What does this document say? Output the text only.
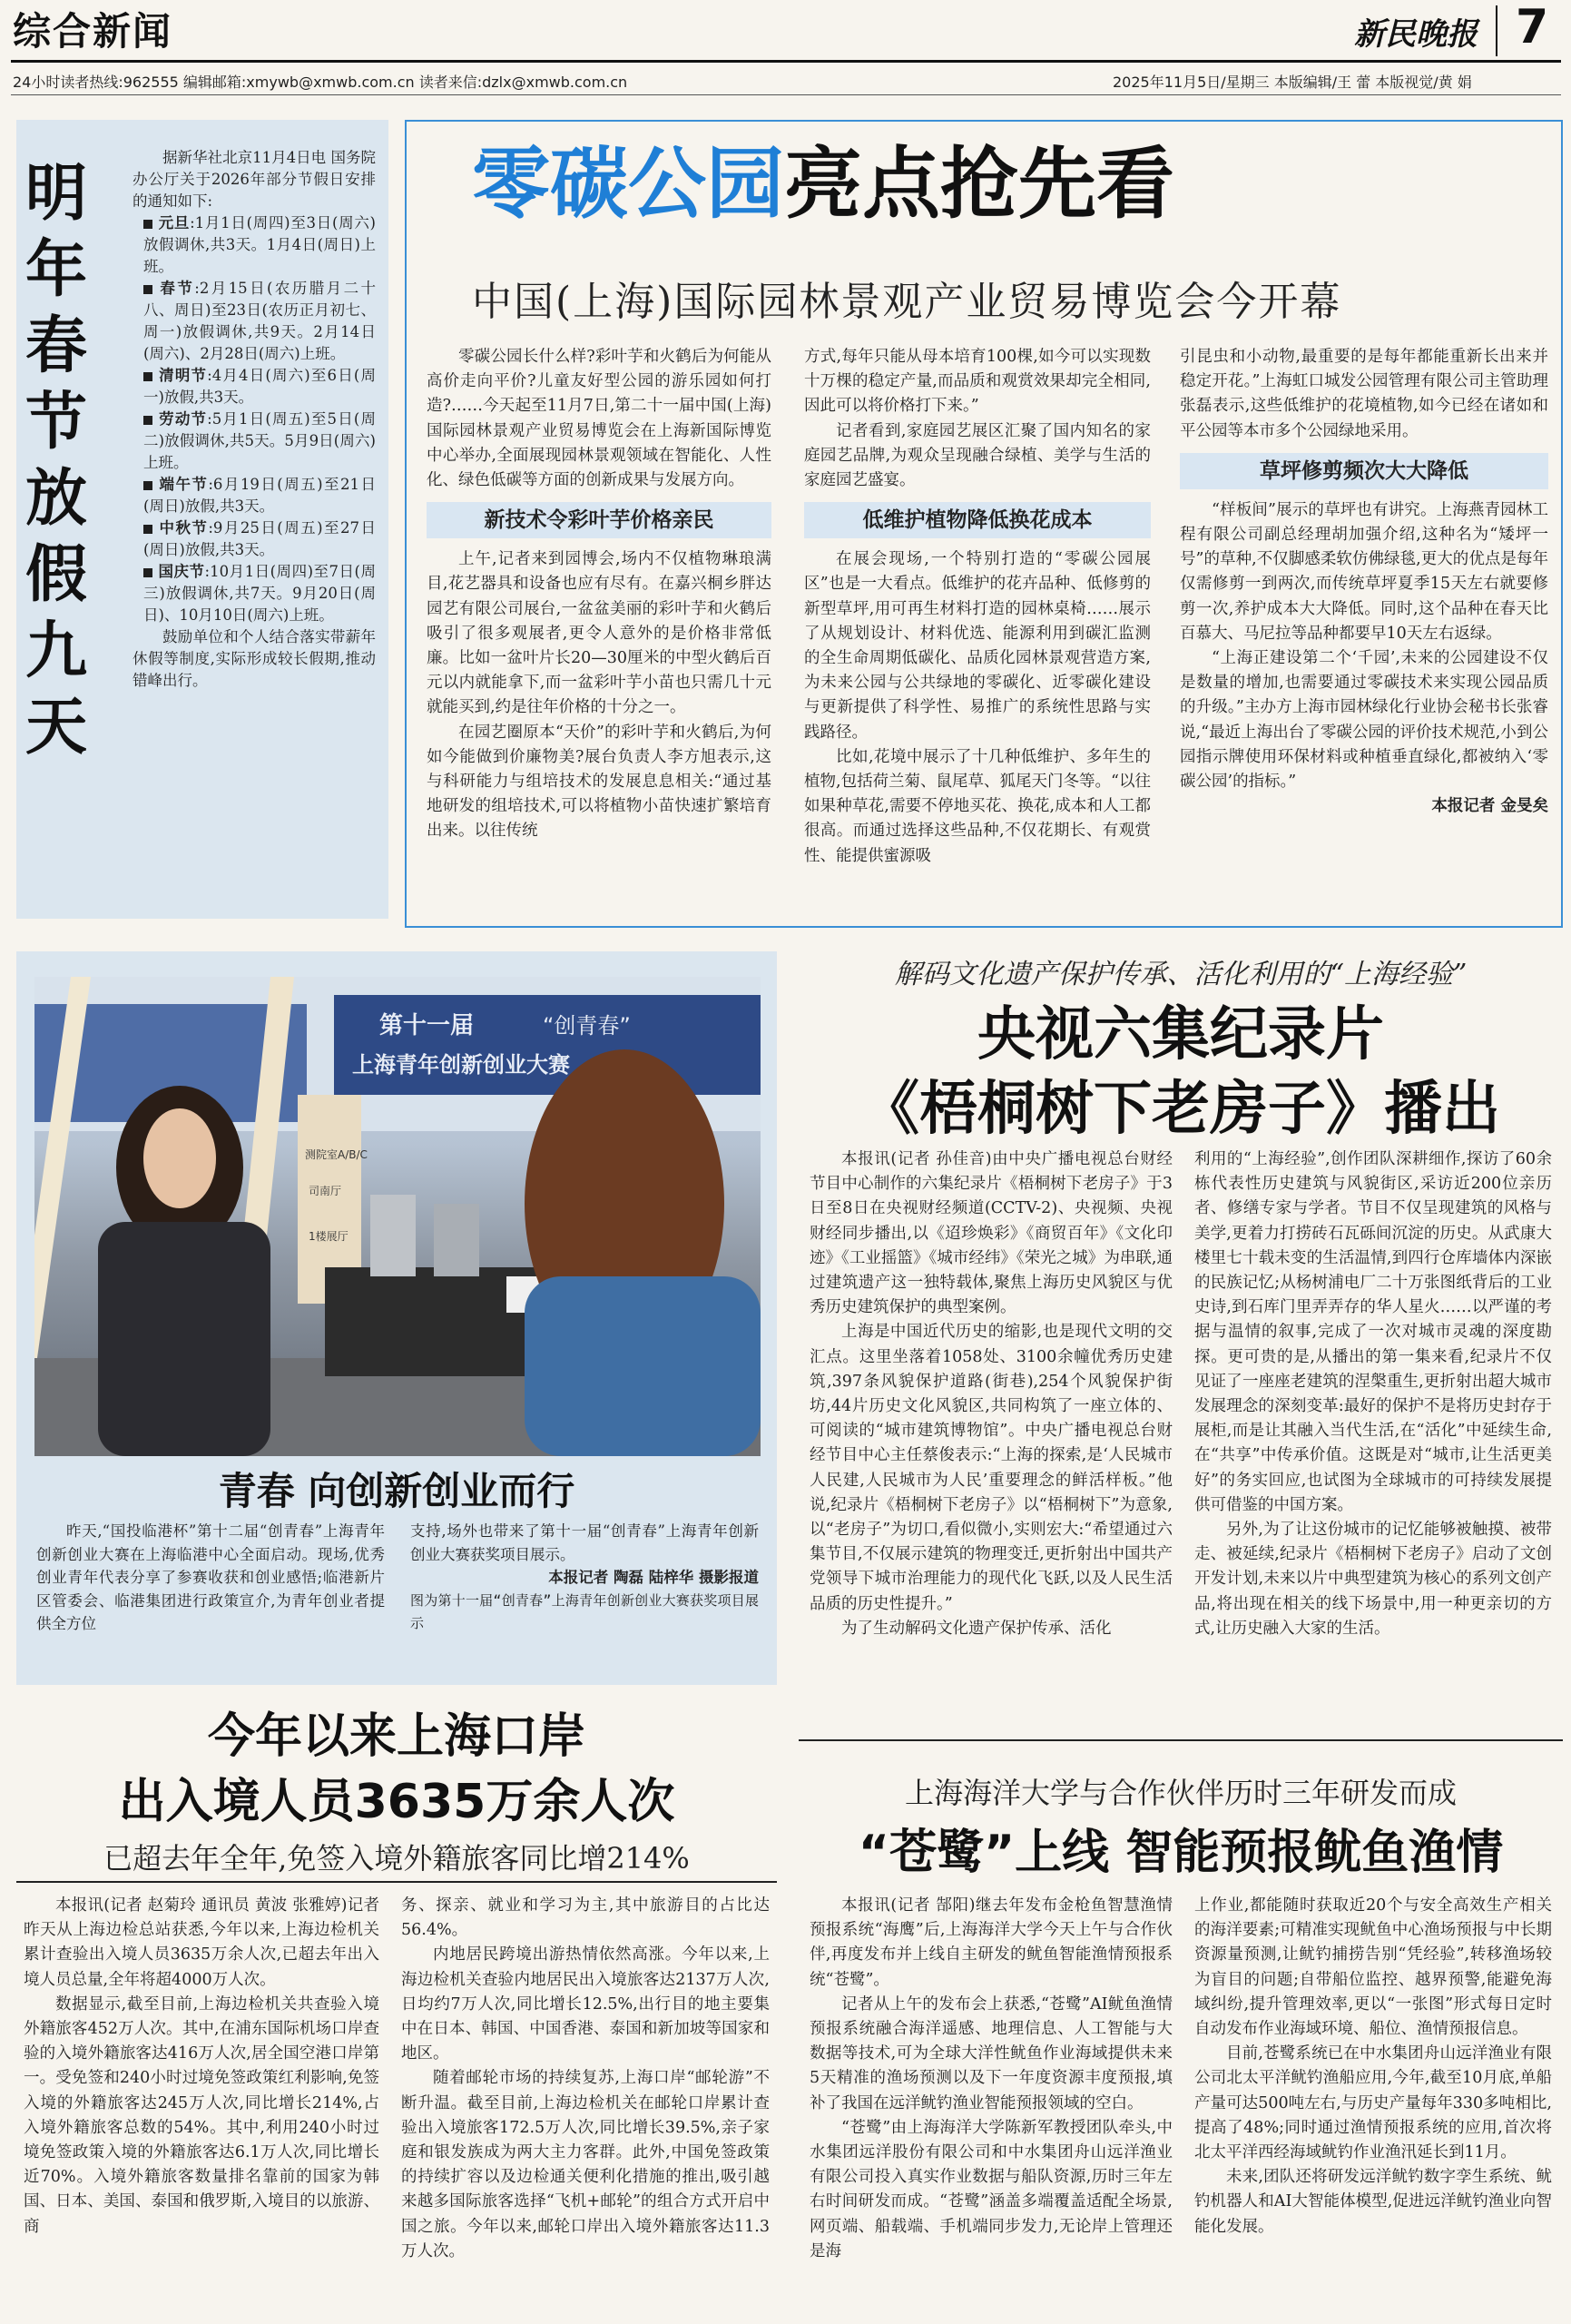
综合新闻	新民晚报 7
24小时读者热线:962555 编辑邮箱:xmywb@xmwb.com.cn 读者来信:dzlx@xmwb.com.cn	2025年11月5日/星期三 本版编辑/王 蕾 本版视觉/黄 娟
明
年
春
节
放
假
九
天
据新华社北京11月4日电 国务院办公厅关于2026年部分节假日安排的通知如下:
元旦:1月1日(周四)至3日(周六)放假调休,共3天。1月4日(周日)上班。
春节:2月15日(农历腊月二十八、周日)至23日(农历正月初七、周一)放假调休,共9天。2月14日(周六)、2月28日(周六)上班。
清明节:4月4日(周六)至6日(周一)放假,共3天。
劳动节:5月1日(周五)至5日(周二)放假调休,共5天。5月9日(周六)上班。
端午节:6月19日(周五)至21日(周日)放假,共3天。
中秋节:9月25日(周五)至27日(周日)放假,共3天。
国庆节:10月1日(周四)至7日(周三)放假调休,共7天。9月20日(周日)、10月10日(周六)上班。
鼓励单位和个人结合落实带薪年休假等制度,实际形成较长假期,推动错峰出行。
零碳公园亮点抢先看
中国(上海)国际园林景观产业贸易博览会今开幕

零碳公园长什么样?彩叶芋和火鹤后为何能从高价走向平价?儿童友好型公园的游乐园如何打造?……今天起至11月7日,第二十一届中国(上海)国际园林景观产业贸易博览会在上海新国际博览中心举办,全面展现园林景观领域在智能化、人性化、绿色低碳等方面的创新成果与发展方向。

新技术令彩叶芋价格亲民

上午,记者来到园博会,场内不仅植物琳琅满目,花艺器具和设备也应有尽有。在嘉兴桐乡胖达园艺有限公司展台,一盆盆美丽的彩叶芋和火鹤后吸引了很多观展者,更令人意外的是价格非常低廉。比如一盆叶片长20—30厘米的中型火鹤后百元以内就能拿下,而一盆彩叶芋小苗也只需几十元就能买到,约是往年价格的十分之一。

在园艺圈原本“天价”的彩叶芋和火鹤后,为何如今能做到价廉物美?展台负责人李方旭表示,这与科研能力与组培技术的发展息息相关:“通过基地研发的组培技术,可以将植物小苗快速扩繁培育出来。以往传统

方式,每年只能从母本培育100棵,如今可以实现数十万棵的稳定产量,而品质和观赏效果却完全相同,因此可以将价格打下来。”

记者看到,家庭园艺展区汇聚了国内知名的家庭园艺品牌,为观众呈现融合绿植、美学与生活的家庭园艺盛宴。

低维护植物降低换花成本

在展会现场,一个特别打造的“零碳公园展区”也是一大看点。低维护的花卉品种、低修剪的新型草坪,用可再生材料打造的园林桌椅……展示了从规划设计、材料优选、能源利用到碳汇监测的全生命周期低碳化、品质化园林景观营造方案,为未来公园与公共绿地的零碳化、近零碳化建设与更新提供了科学性、易推广的系统性思路与实践路径。

比如,花境中展示了十几种低维护、多年生的植物,包括荷兰菊、鼠尾草、狐尾天门冬等。“以往如果种草花,需要不停地买花、换花,成本和人工都很高。而通过选择这些品种,不仅花期长、有观赏性、能提供蜜源吸

引昆虫和小动物,最重要的是每年都能重新长出来并稳定开花。”上海虹口城发公园管理有限公司主管助理张磊表示,这些低维护的花境植物,如今已经在诸如和平公园等本市多个公园绿地采用。

草坪修剪频次大大降低

“样板间”展示的草坪也有讲究。上海燕青园林工程有限公司副总经理胡加强介绍,这种名为“矮坪一号”的草种,不仅脚感柔软仿佛绿毯,更大的优点是每年仅需修剪一到两次,而传统草坪夏季15天左右就要修剪一次,养护成本大大降低。同时,这个品种在春天比百慕大、马尼拉等品种都要早10天左右返绿。

“上海正建设第二个‘千园’,未来的公园建设不仅是数量的增加,也需要通过零碳技术来实现公园品质的升级。”主办方上海市园林绿化行业协会秘书长张睿说,“最近上海出台了零碳公园的评价技术规范,小到公园指示牌使用环保材料或种植垂直绿化,都被纳入‘零碳公园’的指标。”

本报记者 金旻矣
第十一届	“创青春”
上海青年创新创业大赛
测院室A/B/C
司南厅
1楼展厅
青春 向创新创业而行

昨天,“国投临港杯”第十二届“创青春”上海青年创新创业大赛在上海临港中心全面启动。现场,优秀创业青年代表分享了参赛收获和创业感悟;临港新片区管委会、临港集团进行政策宣介,为青年创业者提供全方位

支持,场外也带来了第十一届“创青春”上海青年创新创业大赛获奖项目展示。
本报记者 陶磊 陆梓华 摄影报道
图为第十一届“创青春”上海青年创新创业大赛获奖项目展示
解码文化遗产保护传承、活化利用的“上海经验”
央视六集纪录片
《梧桐树下老房子》播出

本报讯(记者 孙佳音)由中央广播电视总台财经节目中心制作的六集纪录片《梧桐树下老房子》于3日至8日在央视财经频道(CCTV-2)、央视频、央视财经同步播出,以《迢珍焕彩》《商贸百年》《文化印迹》《工业摇篮》《城市经纬》《荣光之城》为串联,通过建筑遗产这一独特载体,聚焦上海历史风貌区与优秀历史建筑保护的典型案例。

上海是中国近代历史的缩影,也是现代文明的交汇点。这里坐落着1058处、3100余幢优秀历史建筑,397条风貌保护道路(街巷),254个风貌保护街坊,44片历史文化风貌区,共同构筑了一座立体的、可阅读的“城市建筑博物馆”。中央广播电视总台财经节目中心主任蔡俊表示:“上海的探索,是‘人民城市人民建,人民城市为人民’重要理念的鲜活样板。”他说,纪录片《梧桐树下老房子》以“梧桐树下”为意象,以“老房子”为切口,看似微小,实则宏大:“希望通过六集节目,不仅展示建筑的物理变迁,更折射出中国共产党领导下城市治理能力的现代化飞跃,以及人民生活品质的历史性提升。”

为了生动解码文化遗产保护传承、活化

利用的“上海经验”,创作团队深耕细作,探访了60余栋代表性历史建筑与风貌街区,采访近200位亲历者、修缮专家与学者。节目不仅呈现建筑的风格与美学,更着力打捞砖石瓦砾间沉淀的历史。从武康大楼里七十载未变的生活温情,到四行仓库墙体内深嵌的民族记忆;从杨树浦电厂二十万张图纸背后的工业史诗,到石库门里弄弄存的华人星火……以严谨的考据与温情的叙事,完成了一次对城市灵魂的深度勘探。更可贵的是,从播出的第一集来看,纪录片不仅见证了一座座老建筑的涅槃重生,更折射出超大城市发展理念的深刻变革:最好的保护不是将历史封存于展柜,而是让其融入当代生活,在“活化”中延续生命,在“共享”中传承价值。这既是对“城市,让生活更美好”的务实回应,也试图为全球城市的可持续发展提供可借鉴的中国方案。

另外,为了让这份城市的记忆能够被触摸、被带走、被延续,纪录片《梧桐树下老房子》启动了文创开发计划,未来以片中典型建筑为核心的系列文创产品,将出现在相关的线下场景中,用一种更亲切的方式,让历史融入大家的生活。

今年以来上海口岸
出入境人员3635万余人次
已超去年全年,免签入境外籍旅客同比增214%

本报讯(记者 赵菊玲 通讯员 黄波 张雅婷)记者昨天从上海边检总站获悉,今年以来,上海边检机关累计查验出入境人员3635万余人次,已超去年出入境人员总量,全年将超4000万人次。

数据显示,截至目前,上海边检机关共查验入境外籍旅客452万人次。其中,在浦东国际机场口岸查验的入境外籍旅客达416万人次,居全国空港口岸第一。受免签和240小时过境免签政策红利影响,免签入境的外籍旅客达245万人次,同比增长214%,占入境外籍旅客总数的54%。其中,利用240小时过境免签政策入境的外籍旅客达6.1万人次,同比增长近70%。入境外籍旅客数量排名靠前的国家为韩国、日本、美国、泰国和俄罗斯,入境目的以旅游、商

务、探亲、就业和学习为主,其中旅游目的占比达56.4%。

内地居民跨境出游热情依然高涨。今年以来,上海边检机关查验内地居民出入境旅客达2137万人次,日均约7万人次,同比增长12.5%,出行目的地主要集中在日本、韩国、中国香港、泰国和新加坡等国家和地区。

随着邮轮市场的持续复苏,上海口岸“邮轮游”不断升温。截至目前,上海边检机关在邮轮口岸累计查验出入境旅客172.5万人次,同比增长39.5%,亲子家庭和银发族成为两大主力客群。此外,中国免签政策的持续扩容以及边检通关便利化措施的推出,吸引越来越多国际旅客选择“飞机+邮轮”的组合方式开启中国之旅。今年以来,邮轮口岸出入境外籍旅客达11.3万人次。

上海海洋大学与合作伙伴历时三年研发而成
“苍鹭”上线 智能预报鱿鱼渔情

本报讯(记者 郜阳)继去年发布金枪鱼智慧渔情预报系统“海鹰”后,上海海洋大学今天上午与合作伙伴,再度发布并上线自主研发的鱿鱼智能渔情预报系统“苍鹭”。

记者从上午的发布会上获悉,“苍鹭”AI鱿鱼渔情预报系统融合海洋遥感、地理信息、人工智能与大数据等技术,可为全球大洋性鱿鱼作业海域提供未来5天精准的渔场预测以及下一年度资源丰度预报,填补了我国在远洋鱿钓渔业智能预报领域的空白。

“苍鹭”由上海海洋大学陈新军教授团队牵头,中水集团远洋股份有限公司和中水集团舟山远洋渔业有限公司投入真实作业数据与船队资源,历时三年左右时间研发而成。“苍鹭”涵盖多端覆盖适配全场景,网页端、船载端、手机端同步发力,无论岸上管理还是海

上作业,都能随时获取近20个与安全高效生产相关的海洋要素;可精准实现鱿鱼中心渔场预报与中长期资源量预测,让鱿钓捕捞告别“凭经验”,转移渔场较为盲目的问题;自带船位监控、越界预警,能避免海域纠纷,提升管理效率,更以“一张图”形式每日定时自动发布作业海域环境、船位、渔情预报信息。

目前,苍鹭系统已在中水集团舟山远洋渔业有限公司北太平洋鱿钓渔船应用,今年,截至10月底,单船产量可达500吨左右,与历史产量每年330多吨相比,提高了48%;同时通过渔情预报系统的应用,首次将北太平洋西经海域鱿钓作业渔汛延长到11月。

未来,团队还将研发远洋鱿钓数字孪生系统、鱿钓机器人和AI大智能体模型,促进远洋鱿钓渔业向智能化发展。
